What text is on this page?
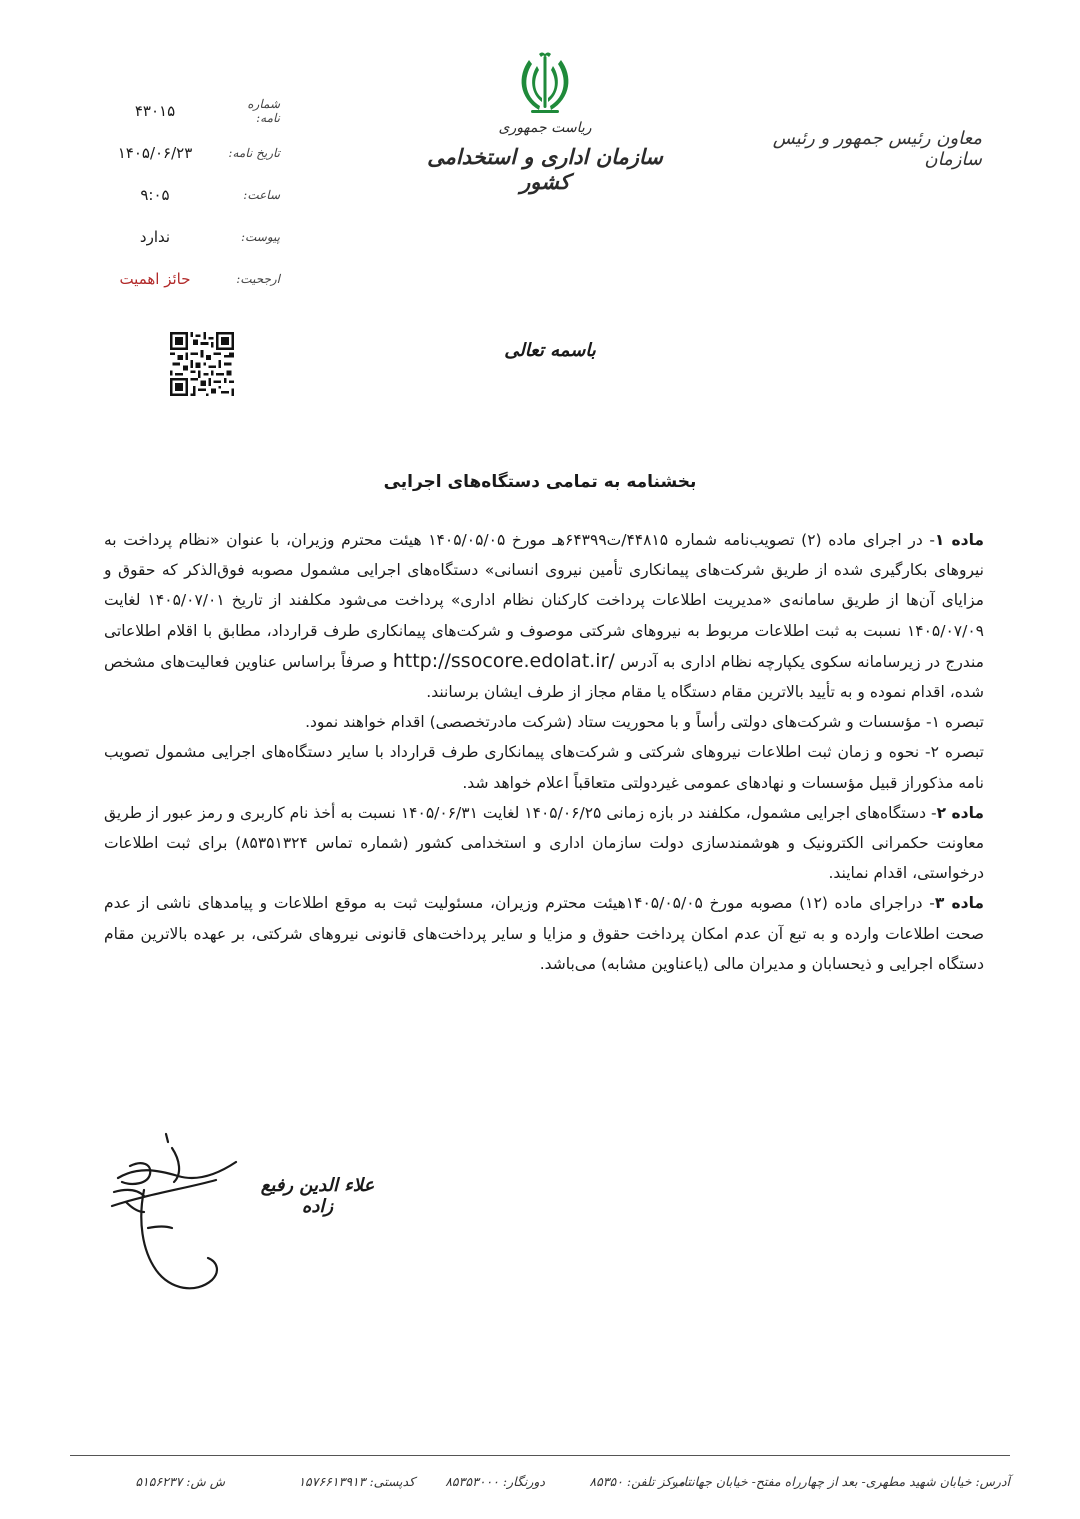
معاون رئیس جمهور و رئیس سازمان
ریاست جمهوری
سازمان اداری و استخدامی کشور
شماره نامه:
۴۳۰۱۵
تاریخ نامه:
۱۴۰۵/۰۶/۲۳
ساعت:
۹:۰۵
پیوست:
ندارد
ارجحیت:
حائز اهمیت
باسمه تعالی
بخشنامه به تمامی دستگاه‌های اجرایی

ماده ۱- در اجرای ماده (۲) تصویب‌نامه شماره ۴۴۸۱۵/ت۶۴۳۹۹هـ مورخ ۱۴۰۵/۰۵/۰۵ هیئت محترم وزیران، با عنوان «نظام پرداخت به نیروهای بکارگیری شده از طریق شرکت‌های پیمانکاری تأمین نیروی انسانی» دستگاه‌های اجرایی مشمول مصوبه فوق‌الذکر که حقوق و مزایای آن‌ها از طریق سامانه‌ی «مدیریت اطلاعات پرداخت کارکنان نظام اداری» پرداخت می‌شود مکلفند از تاریخ ۱۴۰۵/۰۷/۰۱ لغایت ۱۴۰۵/۰۷/۰۹ نسبت به ثبت اطلاعات مربوط به نیروهای شرکتی موصوف و شرکت‌های پیمانکاری طرف قرارداد، مطابق با اقلام اطلاعاتی مندرج در زیرسامانه سکوی یکپارچه نظام اداری به آدرس http://ssocore.edolat.ir/ و صرفاً براساس عناوین فعالیت‌های مشخص شده، اقدام نموده و به تأیید بالاترین مقام دستگاه یا مقام مجاز از طرف ایشان برسانند.

تبصره ۱- مؤسسات و شرکت‌های دولتی رأساً و با محوریت ستاد (شرکت مادرتخصصی) اقدام خواهند نمود.

تبصره ۲- نحوه و زمان ثبت اطلاعات نیروهای شرکتی و شرکت‌های پیمانکاری طرف قرارداد با سایر دستگاه‌های اجرایی مشمول تصویب نامه مذکوراز قبیل مؤسسات و نهادهای عمومی غیردولتی متعاقباً اعلام خواهد شد.

ماده ۲- دستگاه‌های اجرایی مشمول، مکلفند در بازه زمانی ۱۴۰۵/۰۶/۲۵ لغایت ۱۴۰۵/۰۶/۳۱ نسبت به أخذ نام کاربری و رمز عبور از طریق معاونت حکمرانی الکترونیک و هوشمندسازی دولت سازمان اداری و استخدامی کشور (شماره تماس ۸۵۳۵۱۳۲۴) برای ثبت اطلاعات درخواستی، اقدام نمایند.

ماده ۳- دراجرای ماده (۱۲) مصوبه مورخ ۱۴۰۵/۰۵/۰۵هیئت محترم وزیران، مسئولیت ثبت به موقع اطلاعات و پیامدهای ناشی از عدم صحت اطلاعات وارده و به تبع آن عدم امکان پرداخت حقوق و مزایا و سایر پرداخت‌های قانونی نیروهای شرکتی، بر عهده بالاترین مقام دستگاه اجرایی و ذیحسابان و مدیران مالی (یاعناوین مشابه) می‌باشد.

علاء الدین رفیع زاده
آدرس: خیابان شهید مطهری- بعد از چهارراه مفتح- خیابان جهانتاب
مرکز تلفن: ۸۵۳۵۰
دورنگار: ۸۵۳۵۳۰۰۰
کدپستی: ۱۵۷۶۶۱۳۹۱۳
ش ش: ۵۱۵۶۲۳۷
